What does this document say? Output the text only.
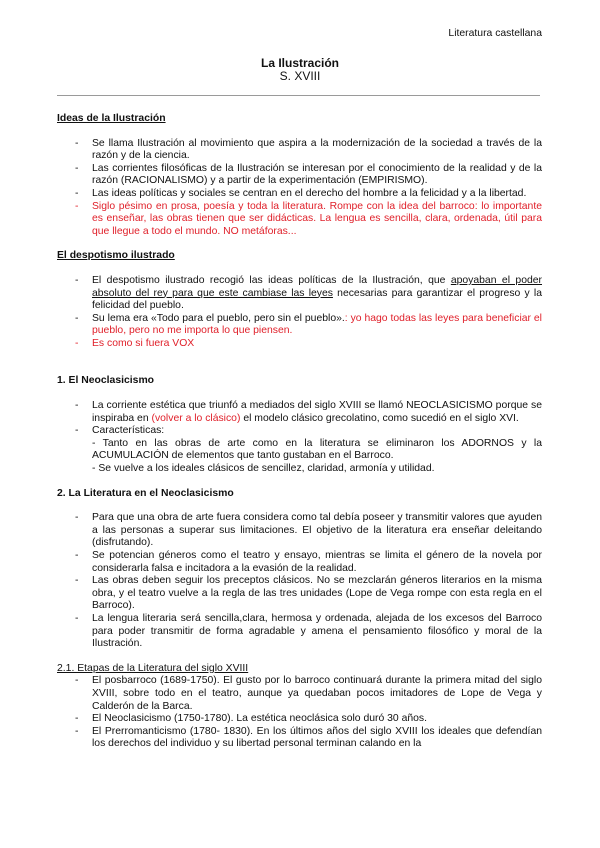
Literatura castellana
La Ilustración
S. XVIII

Ideas de la Ilustración

- Se llama Ilustración al movimiento que aspira a la modernización de la sociedad a través de la razón y de la ciencia.
- Las corrientes filosóficas de la Ilustración se interesan por el conocimiento de la realidad y de la razón (RACIONALISMO) y a partir de la experimentación (EMPIRISMO).
- Las ideas políticas y sociales se centran en el derecho del hombre a la felicidad y a la libertad.
- Siglo pésimo en prosa, poesía y toda la literatura. Rompe con la idea del barroco: lo importante es enseñar, las obras tienen que ser didácticas. La lengua es sencilla, clara, ordenada, útil para que llegue a todo el mundo. NO metáforas...

El despotismo ilustrado

- El despotismo ilustrado recogió las ideas políticas de la Ilustración, que apoyaban el poder absoluto del rey para que este cambiase las leyes necesarias para garantizar el progreso y la felicidad del pueblo.
- Su lema era «Todo para el pueblo, pero sin el pueblo».: yo hago todas las leyes para beneficiar el pueblo, pero no me importa lo que piensen.
- Es como si fuera VOX

1. El Neoclasicismo

- La corriente estética que triunfó a mediados del siglo XVIII se llamó NEOCLASICISMO porque se inspiraba en (volver a lo clásico) el modelo clásico grecolatino, como sucedió en el siglo XVI.
- Características:
- Tanto en las obras de arte como en la literatura se eliminaron los ADORNOS y la ACUMULACIÓN de elementos que tanto gustaban en el Barroco.
- Se vuelve a los ideales clásicos de sencillez, claridad, armonía y utilidad.

2. La Literatura en el Neoclasicismo

- Para que una obra de arte fuera considera como tal debía poseer y transmitir valores que ayuden a las personas a superar sus limitaciones. El objetivo de la literatura era enseñar deleitando (disfrutando).
- Se potencian géneros como el teatro y ensayo, mientras se limita el género de la novela por considerarla falsa e incitadora a la evasión de la realidad.
- Las obras deben seguir los preceptos clásicos. No se mezclarán géneros literarios en la misma obra, y el teatro vuelve a la regla de las tres unidades (Lope de Vega rompe con esta regla en el Barroco).
- La lengua literaria será sencilla,clara, hermosa y ordenada, alejada de los excesos del Barroco para poder transmitir de forma agradable y amena el pensamiento filosófico y moral de la Ilustración.

2.1. Etapas de la Literatura del siglo XVIII

- El posbarroco (1689-1750). El gusto por lo barroco continuará durante la primera mitad del siglo XVIII, sobre todo en el teatro, aunque ya quedaban pocos imitadores de Lope de Vega y Calderón de la Barca.
- El Neoclasicismo (1750-1780). La estética neoclásica solo duró 30 años.
- El Prerromanticismo (1780- 1830). En los últimos años del siglo XVIII los ideales que defendían los derechos del individuo y su libertad personal terminan calando en la
